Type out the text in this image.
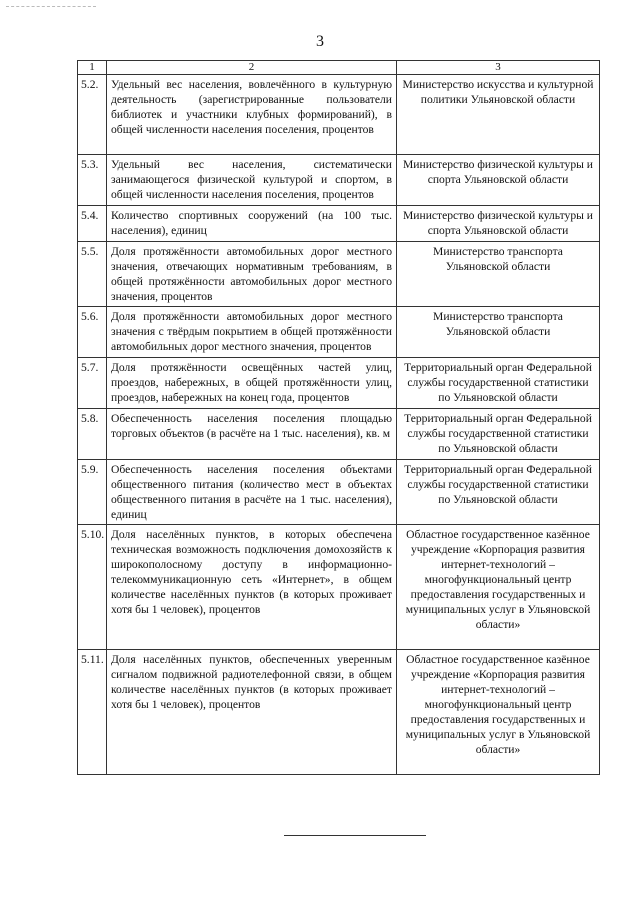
3
1	2	3
5.2.	Удельный вес населения, вовлечённого в культурную деятельность (зарегистрированные пользователи библиотек и участники клубных формирований), в общей численности населения поселения, процентов	Министерство искусства и культурной политики Ульяновской области
5.3.	Удельный вес населения, систематически занимающегося физической культурой и спортом, в общей численности населения поселения, процентов	Министерство физической культуры и спорта Ульяновской области
5.4.	Количество спортивных сооружений (на 100 тыс. населения), единиц	Министерство физической культуры и спорта Ульяновской области
5.5.	Доля протяжённости автомобильных дорог местного значения, отвечающих нормативным требованиям, в общей протяжённости автомобильных дорог местного значения, процентов	Министерство транспорта Ульяновской области
5.6.	Доля протяжённости автомобильных дорог местного значения с твёрдым покрытием в общей протяжённости автомобильных дорог местного значения, процентов	Министерство транспорта Ульяновской области
5.7.	Доля протяжённости освещённых частей улиц, проездов, набережных, в общей протяжённости улиц, проездов, набережных на конец года, процентов	Территориальный орган Федеральной службы государственной статистики по Ульяновской области
5.8.	Обеспеченность населения поселения площадью торговых объектов (в расчёте на 1 тыс. населения), кв. м	Территориальный орган Федеральной службы государственной статистики по Ульяновской области
5.9.	Обеспеченность населения поселения объектами общественного питания (количество мест в объектах общественного питания в расчёте на 1 тыс. населения), единиц	Территориальный орган Федеральной службы государственной статистики по Ульяновской области
5.10.	Доля населённых пунктов, в которых обеспечена техническая возможность подключения домохозяйств к широкополосному доступу в информационно-телекоммуникационную сеть «Интернет», в общем количестве населённых пунктов (в которых проживает хотя бы 1 человек), процентов	Областное государственное казённое учреждение «Корпорация развития интернет-технологий – многофункциональный центр предоставления государственных и муниципальных услуг в Ульяновской области»
5.11.	Доля населённых пунктов, обеспеченных уверенным сигналом подвижной радиотелефонной связи, в общем количестве населённых пунктов (в которых проживает хотя бы 1 человек), процентов	Областное государственное казённое учреждение «Корпорация развития интернет-технологий – многофункциональный центр предоставления государственных и муниципальных услуг в Ульяновской области»
